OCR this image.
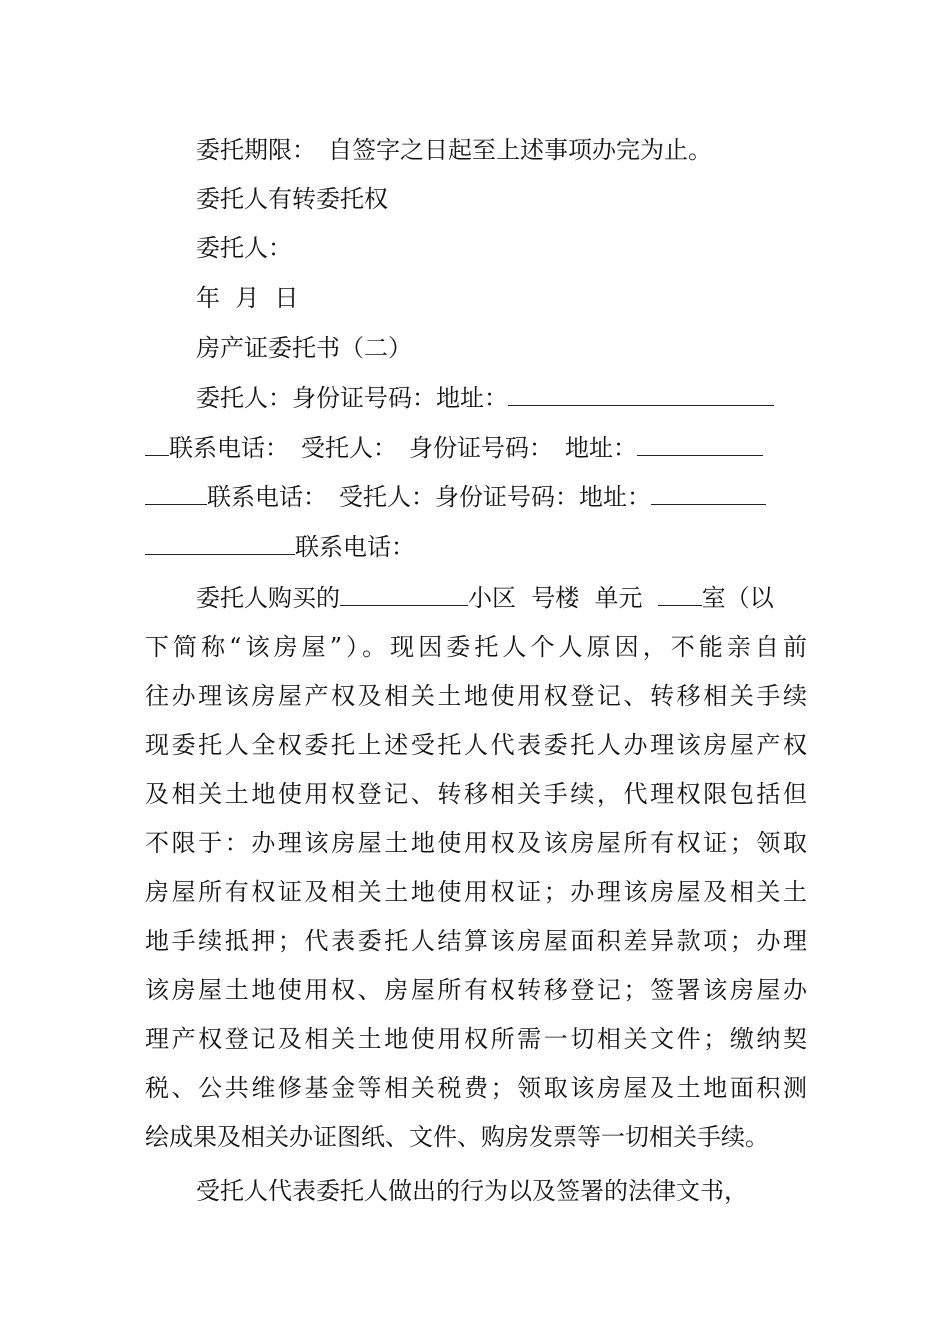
委托期限：　自签字之日起至上述事项办完为止。
委托人有转委托权
委托人：
年  月  日
房产证委托书（二）
委托人：身份证号码：地址：
联系电话：　受托人：　身份证号码：　地址：
联系电话：　受托人：身份证号码：地址：
联系电话：
委托人购买的	小区  号楼  单元  室（以
下简称“该房屋”）。现因委托人个人原因，不能亲自前
往办理该房屋产权及相关土地使用权登记、转移相关手续
现委托人全权委托上述受托人代表委托人办理该房屋产权
及相关土地使用权登记、转移相关手续，代理权限包括但
不限于：办理该房屋土地使用权及该房屋所有权证；领取
房屋所有权证及相关土地使用权证；办理该房屋及相关土
地手续抵押；代表委托人结算该房屋面积差异款项；办理
该房屋土地使用权、房屋所有权转移登记；签署该房屋办
理产权登记及相关土地使用权所需一切相关文件；缴纳契
税、公共维修基金等相关税费；领取该房屋及土地面积测
绘成果及相关办证图纸、文件、购房发票等一切相关手续。
受托人代表委托人做出的行为以及签署的法律文书，
